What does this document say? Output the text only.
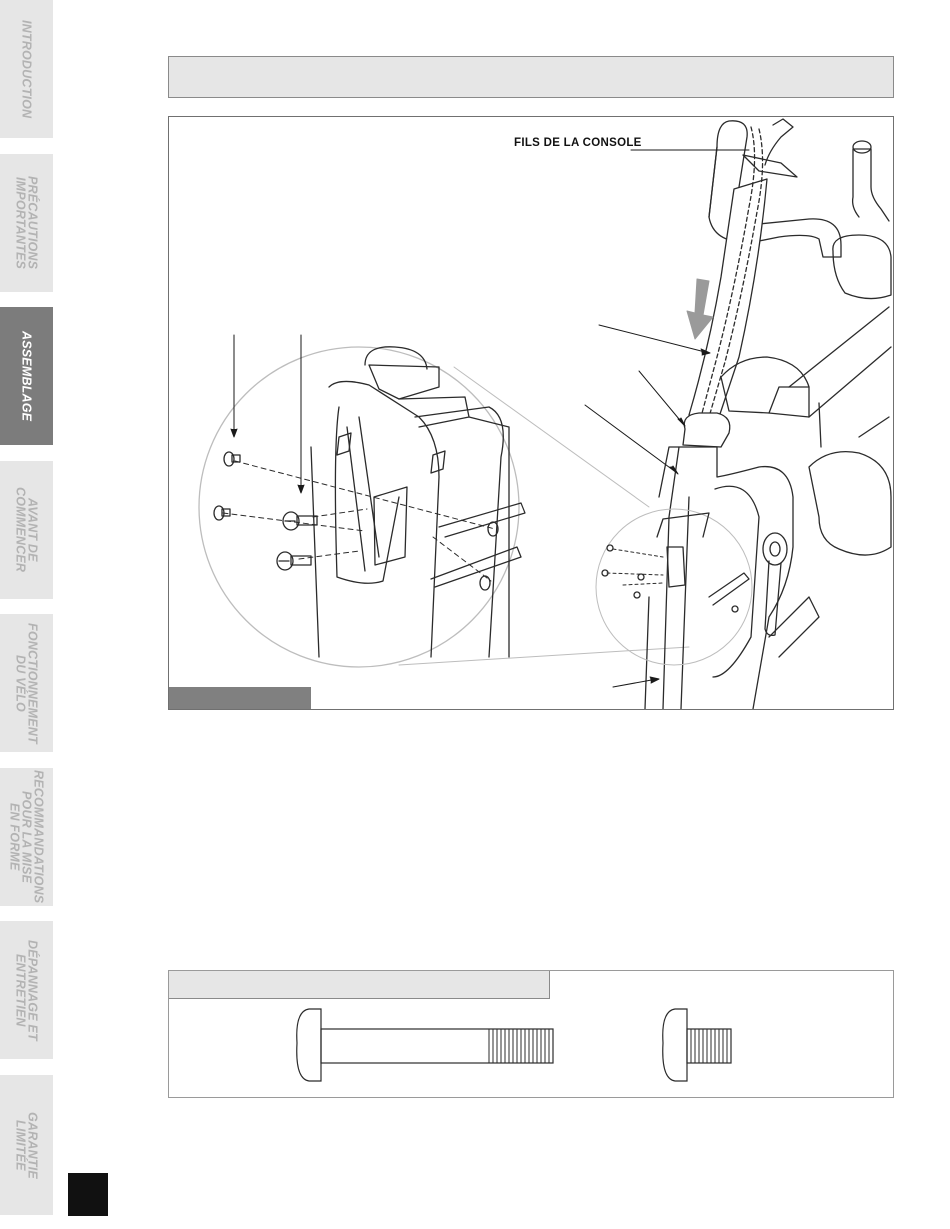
INTRODUCTION
PRÉCAUTIONS
IMPORTANTES
ASSEMBLAGE
AVANT DE
COMMENCER
FONCTIONNEMENT
DU VÉLO
RECOMMANDATIONS
POUR LA MISE
EN FORME
DÉPANNAGE ET
ENTRETIEN
GARANTIE
LIMITÉE
FILS DE LA CONSOLE
